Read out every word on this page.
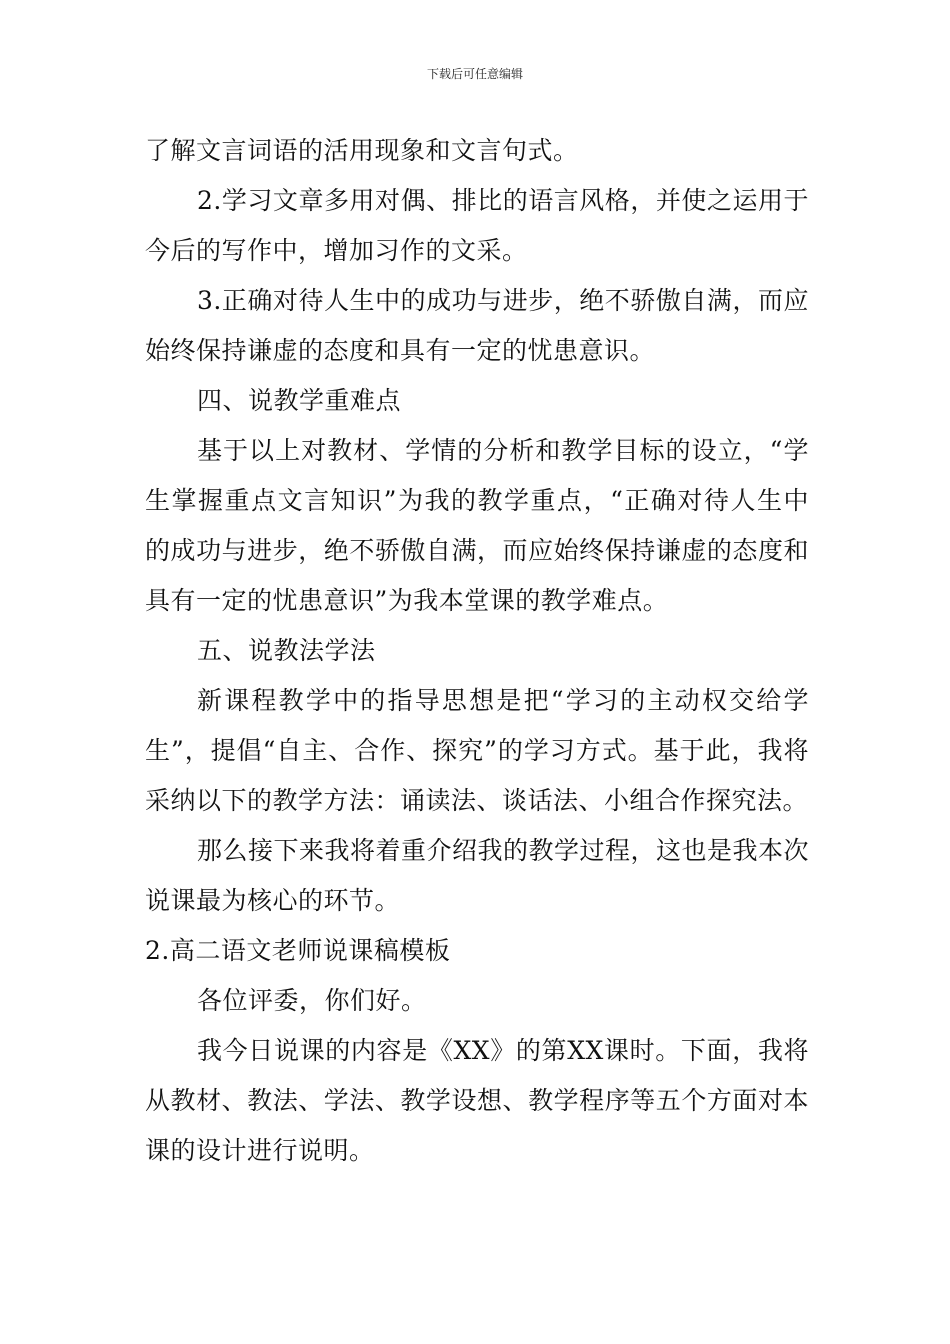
下载后可任意编辑

了解文言词语的活用现象和文言句式。

2.学习文章多用对偶、排比的语言风格，并使之运用于今后的写作中，增加习作的文采。

3.正确对待人生中的成功与进步，绝不骄傲自满，而应始终保持谦虚的态度和具有一定的忧患意识。

四、说教学重难点

基于以上对教材、学情的分析和教学目标的设立，“学生掌握重点文言知识”为我的教学重点，“正确对待人生中的成功与进步，绝不骄傲自满，而应始终保持谦虚的态度和具有一定的忧患意识”为我本堂课的教学难点。

五、说教法学法

新课程教学中的指导思想是把“学习的主动权交给学生”，提倡“自主、合作、探究”的学习方式。基于此，我将采纳以下的教学方法：诵读法、谈话法、小组合作探究法。

那么接下来我将着重介绍我的教学过程，这也是我本次说课最为核心的环节。

2.高二语文老师说课稿模板

各位评委，你们好。

我今日说课的内容是《XX》的第XX课时。下面，我将从教材、教法、学法、教学设想、教学程序等五个方面对本课的设计进行说明。
